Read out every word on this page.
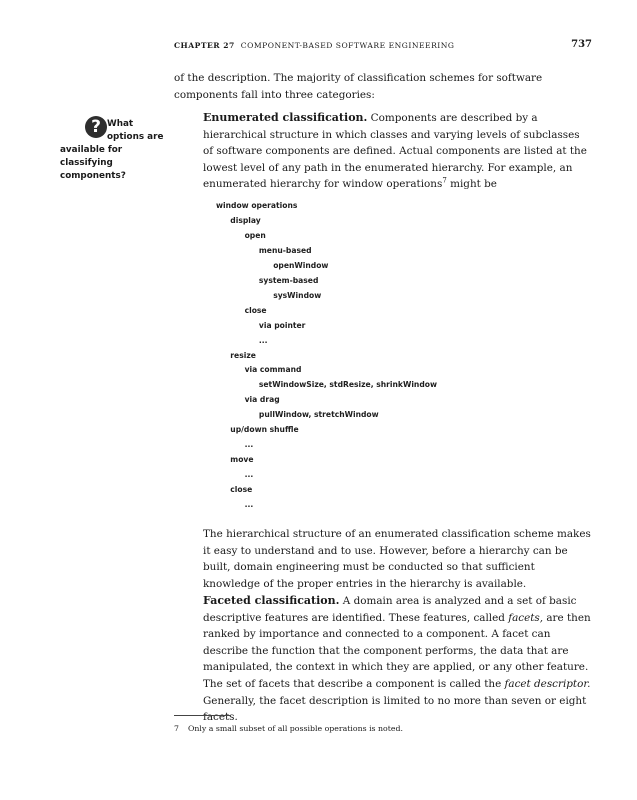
CHAPTER 27 COMPONENT-BASED SOFTWARE ENGINEERING	737

of the description. The majority of classification schemes for software components fall into three categories:

? What
options are
available for
classifying
components?

Enumerated classification. Components are described by a hierarchical structure in which classes and varying levels of subclasses of software components are defined. Actual components are listed at the lowest level of any path in the enumerated hierarchy. For example, an enumerated hierarchy for window operations$^7$ might be

window operations
display
open
menu-based
openWindow
system-based
sysWindow
close
via pointer
...
resize
via command
setWindowSize, stdResize, shrinkWindow
via drag
pullWindow, stretchWindow
up/down shuffle
...
move
...
close
...

The hierarchical structure of an enumerated classification scheme makes it easy to understand and to use. However, before a hierarchy can be built, domain engineering must be conducted so that sufficient knowledge of the proper entries in the hierarchy is available.

Faceted classification. A domain area is analyzed and a set of basic descriptive features are identified. These features, called facets, are then ranked by importance and connected to a component. A facet can describe the function that the component performs, the data that are manipulated, the context in which they are applied, or any other feature. The set of facets that describe a component is called the facet descriptor. Generally, the facet description is limited to no more than seven or eight facets.

7 Only a small subset of all possible operations is noted.
